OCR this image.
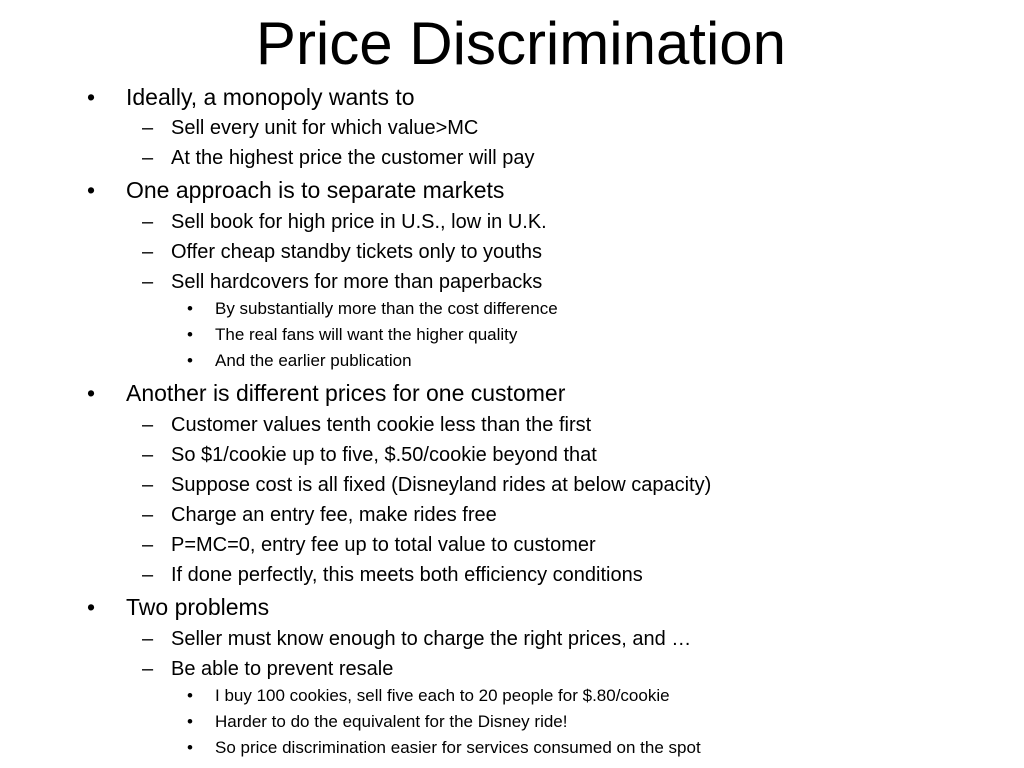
Price Discrimination
• Ideally, a monopoly wants to
– Sell every unit for which value>MC
– At the highest price the customer will pay
• One approach is to separate markets
– Sell book for high price in U.S., low in U.K.
– Offer cheap standby tickets only to youths
– Sell hardcovers for more than paperbacks
• By substantially more than the cost difference
• The real fans will want the higher quality
• And the earlier publication
• Another is different prices for one customer
– Customer values tenth cookie less than the first
– So $1/cookie up to five, $.50/cookie beyond that
– Suppose cost is all fixed (Disneyland rides at below capacity)
– Charge an entry fee, make rides free
– P=MC=0, entry fee up to total value to customer
– If done perfectly, this meets both efficiency conditions
• Two problems
– Seller must know enough to charge the right prices, and …
– Be able to prevent resale
• I buy 100 cookies, sell five each to 20 people for $.80/cookie
• Harder to do the equivalent for the Disney ride!
• So price discrimination easier for services consumed on the spot
